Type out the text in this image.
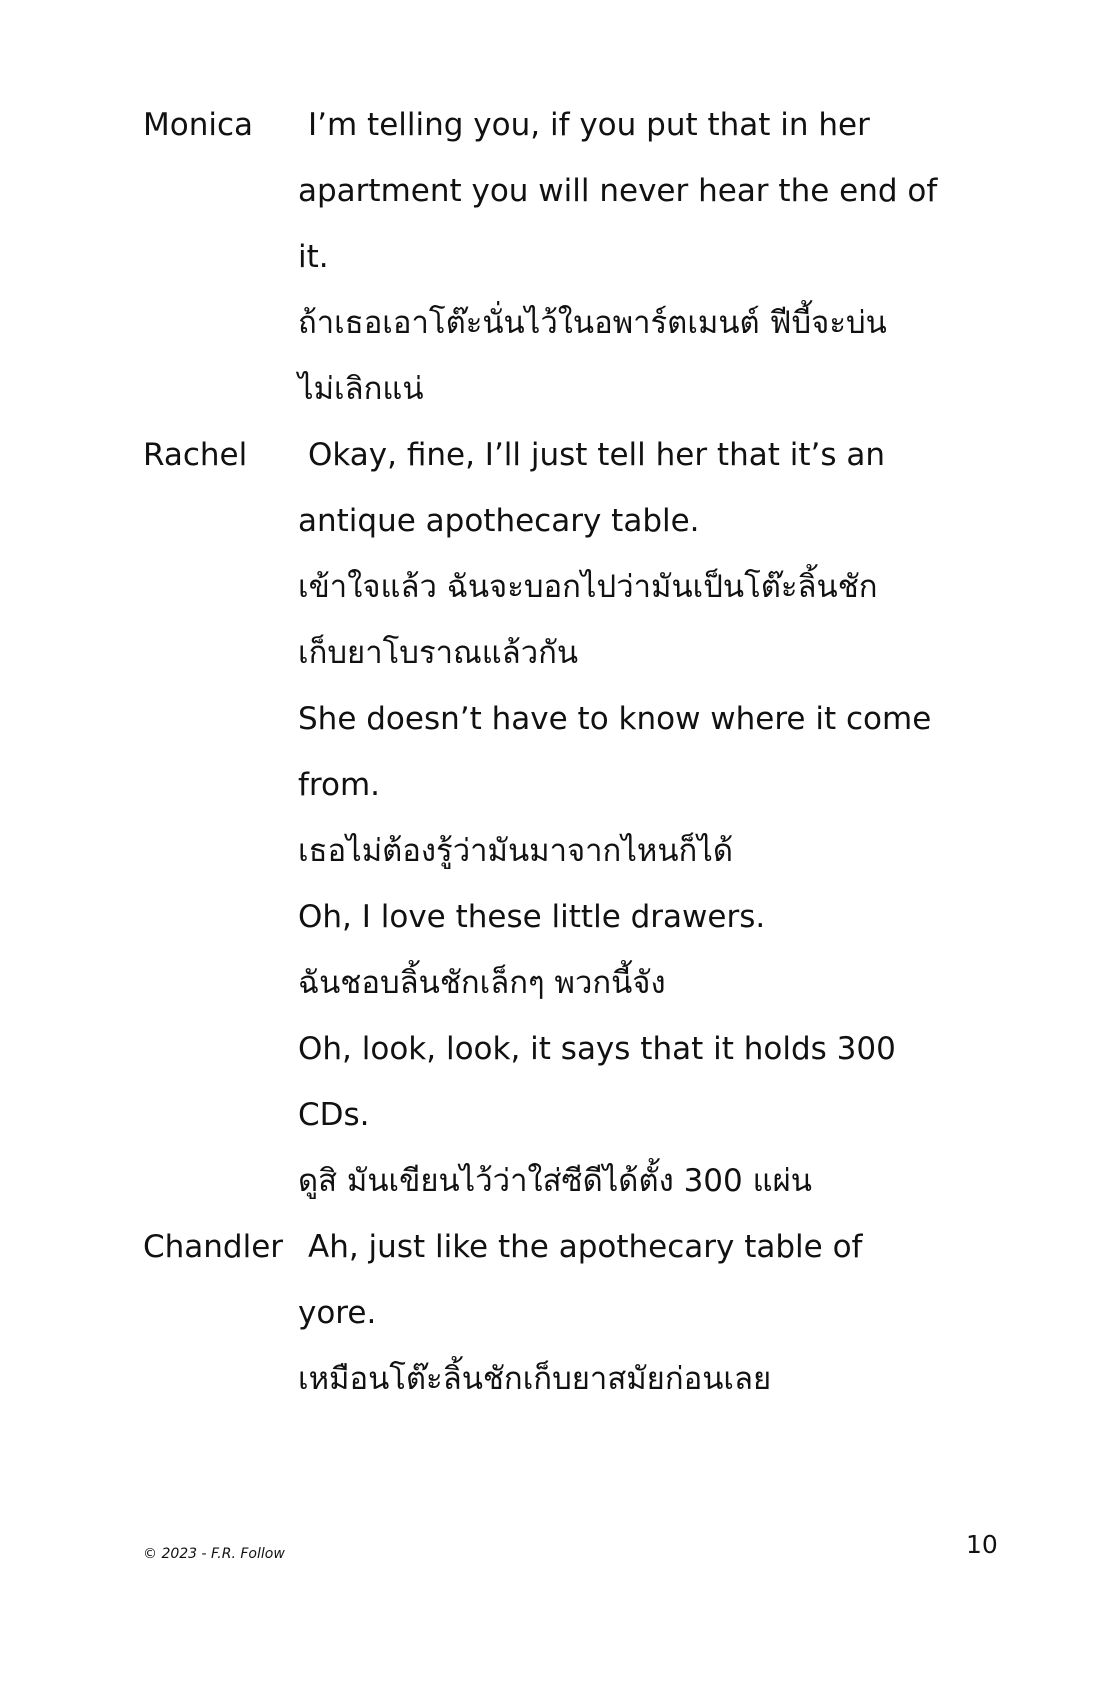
Monica	I’m telling you, if you put that in her
apartment you will never hear the end of
it.
ถ้าเธอเอาโต๊ะนั่นไว้ในอพาร์ตเมนต์ ฟีบี้จะบ่น
ไม่เลิกแน่
Rachel	Okay, fine, I’ll just tell her that it’s an
antique apothecary table.
เข้าใจแล้ว ฉันจะบอกไปว่ามันเป็นโต๊ะลิ้นชัก
เก็บยาโบราณแล้วกัน
She doesn’t have to know where it come
from.
เธอไม่ต้องรู้ว่ามันมาจากไหนก็ได้
Oh, I love these little drawers.
ฉันชอบลิ้นชักเล็กๆ พวกนี้จัง
Oh, look, look, it says that it holds 300
CDs.
ดูสิ มันเขียนไว้ว่าใส่ซีดีได้ตั้ง 300 แผ่น
Chandler Ah, just like the apothecary table of
yore.
เหมือนโต๊ะลิ้นชักเก็บยาสมัยก่อนเลย
© 2023 - F.R. Follow	10
